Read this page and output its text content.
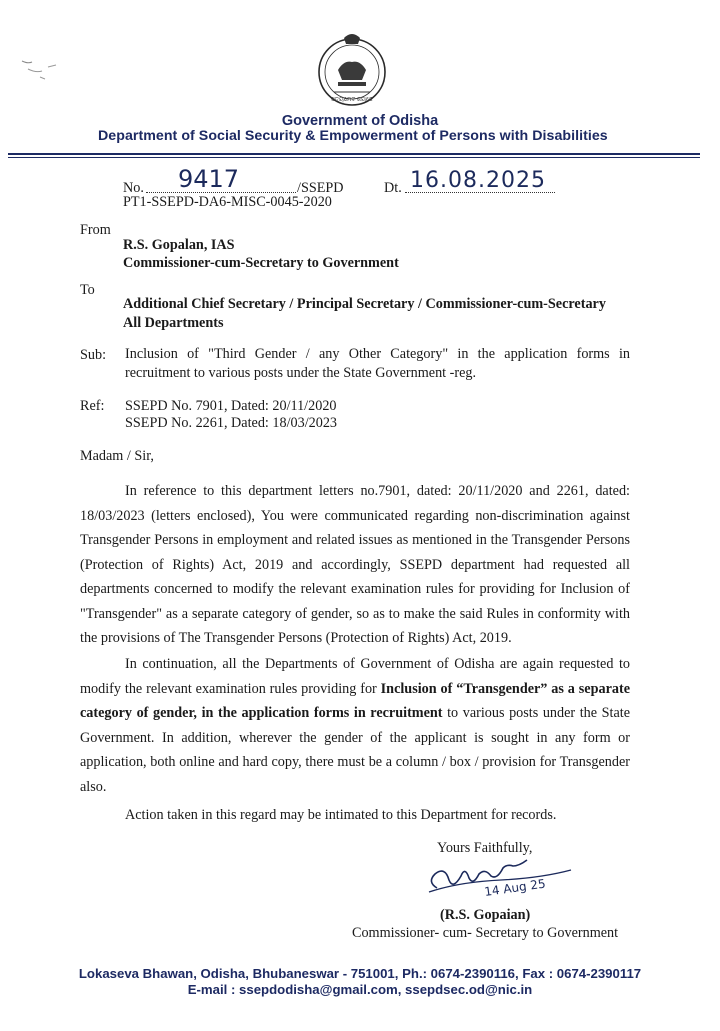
ସତ୍ୟମେବ ଜୟତେ
Government of Odisha
Department of Social Security & Empowerment of Persons with Disabilities
No. 9417	/SSEPD	Dt. 16.08.2025
PT1-SSEPD-DA6-MISC-0045-2020
From
R.S. Gopalan, IAS
Commissioner-cum-Secretary to Government
To
Additional Chief Secretary / Principal Secretary / Commissioner-cum-Secretary
All Departments
Sub: Inclusion of "Third Gender / any Other Category" in the application forms in recruitment to various posts under the State Government -reg.
Ref: SSEPD No. 7901, Dated: 20/11/2020
SSEPD No. 2261, Dated: 18/03/2023
Madam / Sir,

In reference to this department letters no.7901, dated: 20/11/2020 and 2261, dated: 18/03/2023 (letters enclosed), You were communicated regarding non-discrimination against Transgender Persons in employment and related issues as mentioned in the Transgender Persons (Protection of Rights) Act, 2019 and accordingly, SSEPD department had requested all departments concerned to modify the relevant examination rules for providing for Inclusion of "Transgender" as a separate category of gender, so as to make the said Rules in conformity with the provisions of The Transgender Persons (Protection of Rights) Act, 2019.

In continuation, all the Departments of Government of Odisha are again requested to modify the relevant examination rules providing for Inclusion of “Transgender” as a separate category of gender, in the application forms in recruitment to various posts under the State Government. In addition, wherever the gender of the applicant is sought in any form or application, both online and hard copy, there must be a column / box / provision for Transgender also.

Action taken in this regard may be intimated to this Department for records.

Yours Faithfully,
14 Aug 25
(R.S. Gopaian)
Commissioner- cum- Secretary to Government
Lokaseva Bhawan, Odisha, Bhubaneswar - 751001, Ph.: 0674-2390116, Fax : 0674-2390117
E-mail : ssepdodisha@gmail.com, ssepdsec.od@nic.in
